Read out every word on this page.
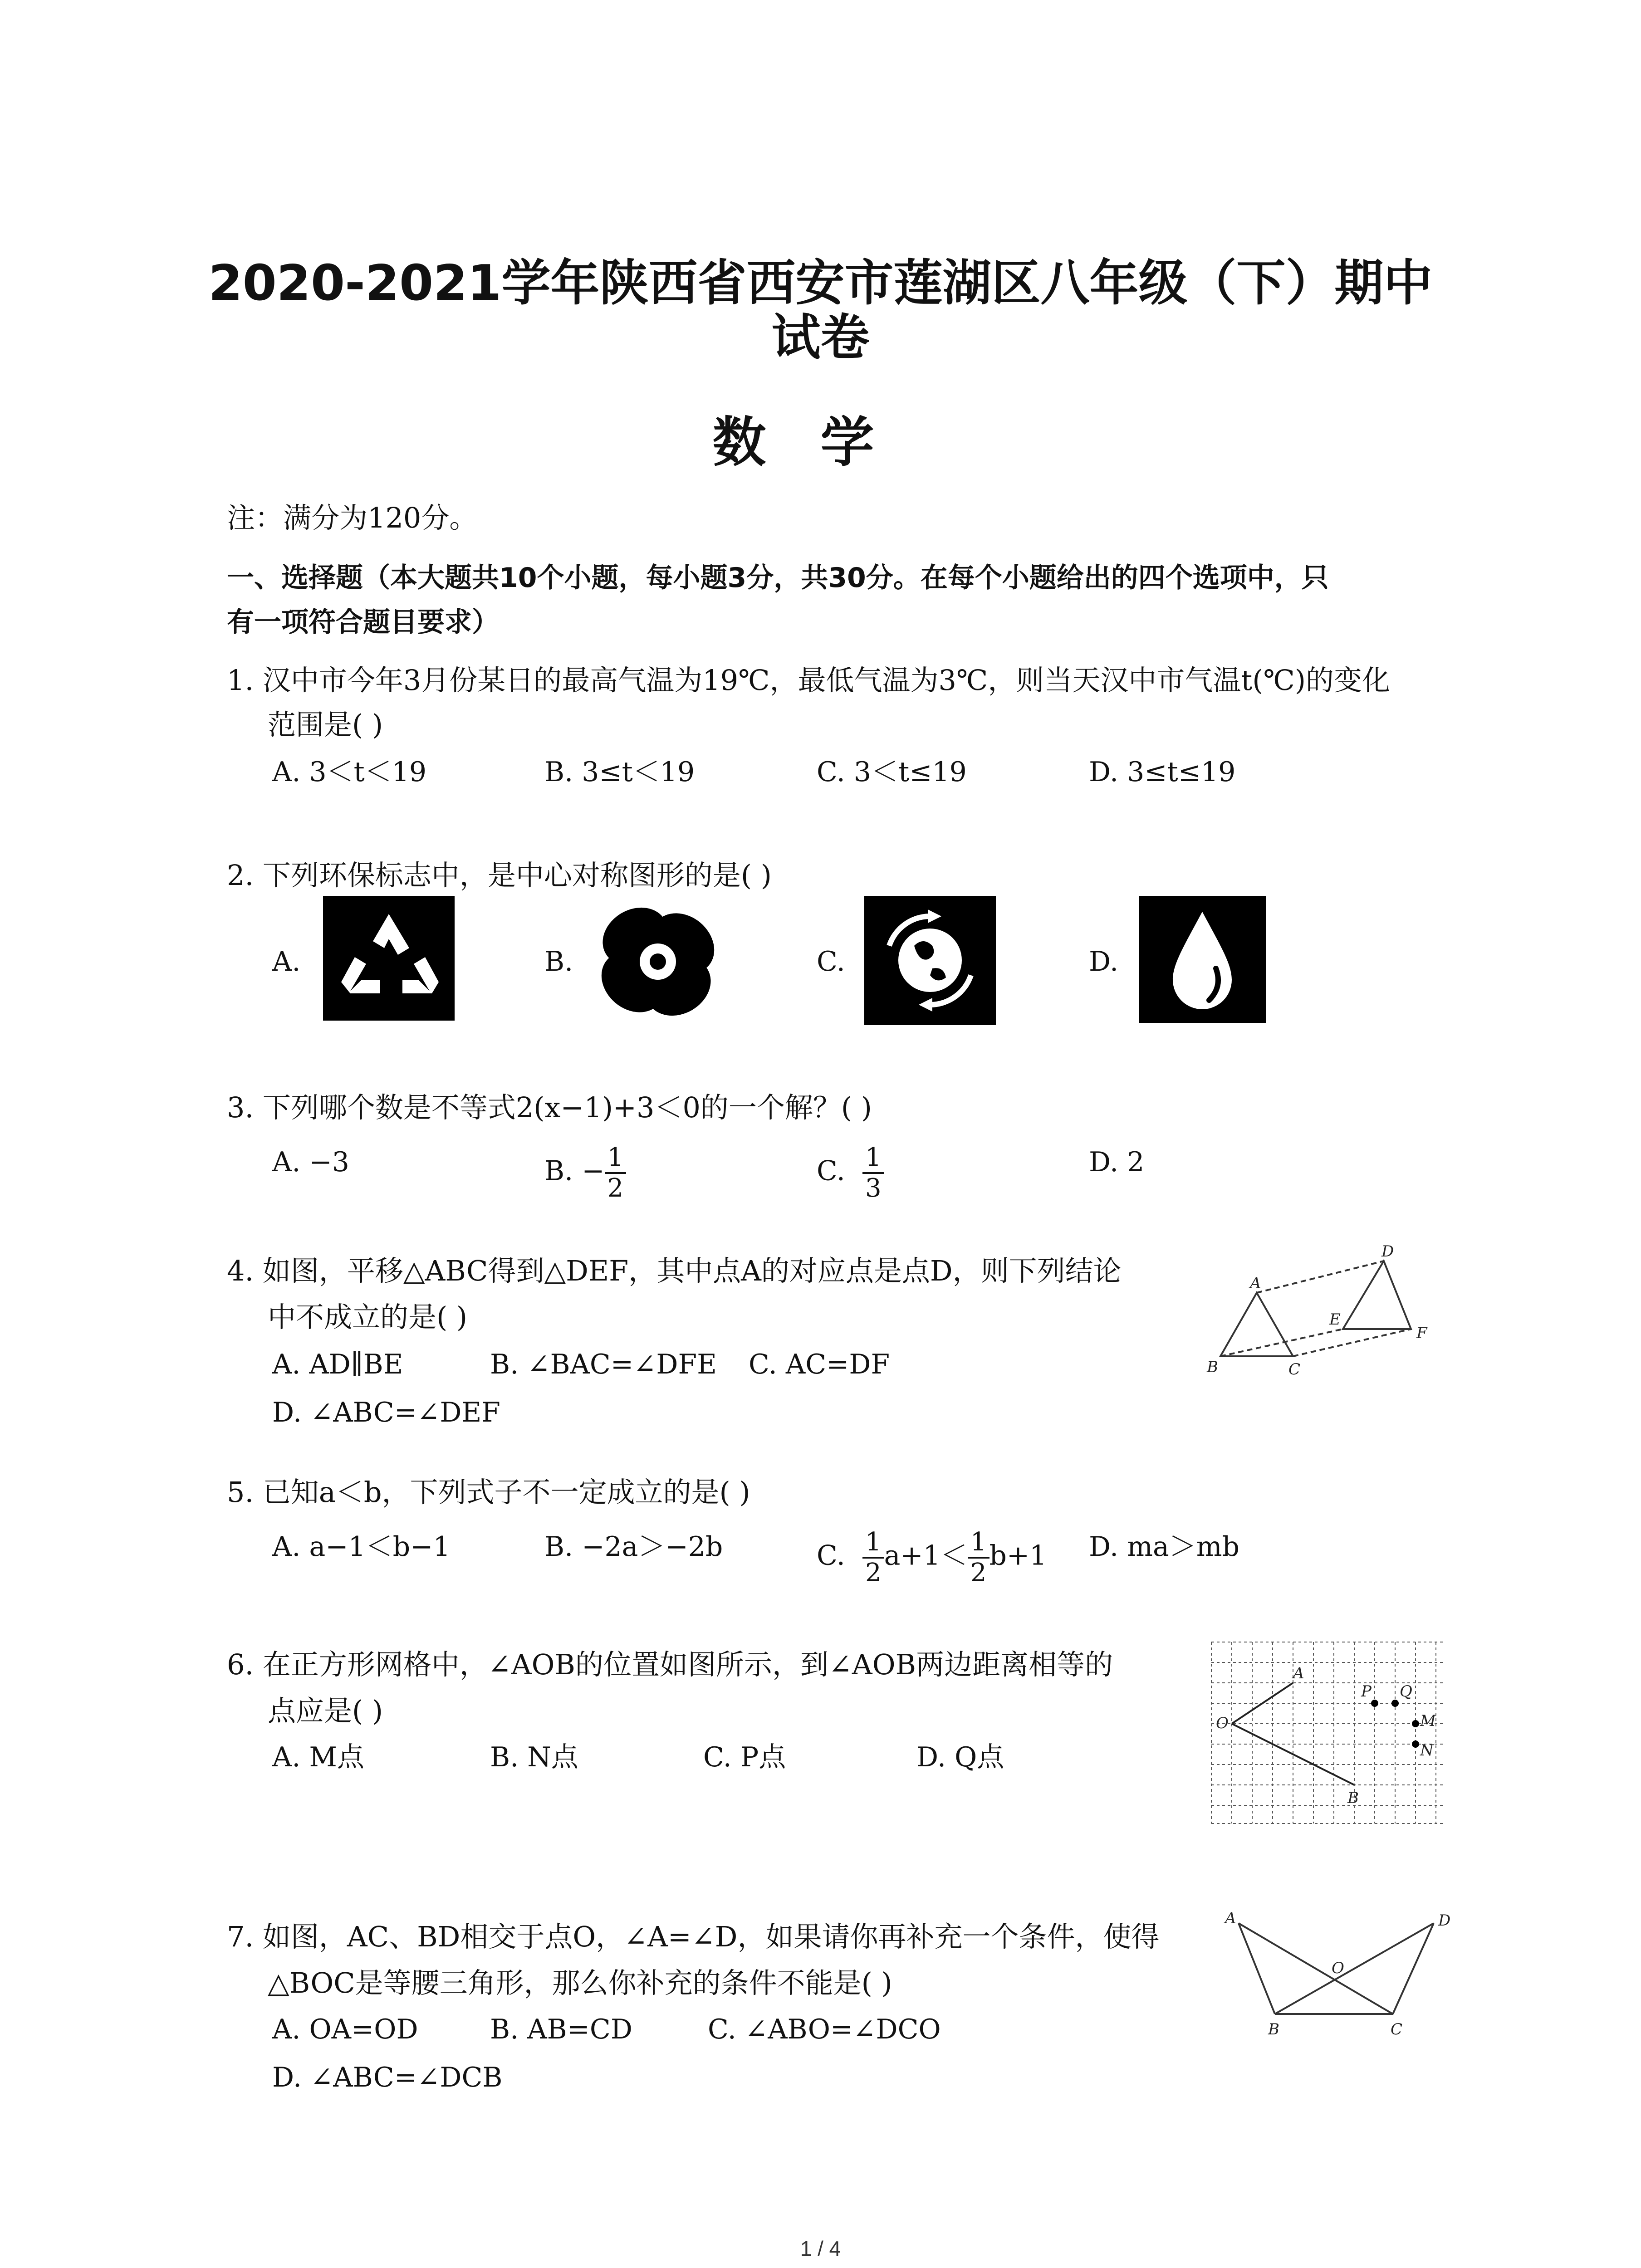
2020-2021学年陕西省西安市莲湖区八年级（下）期中
试卷
数学
注：满分为120分。
一、选择题（本大题共10个小题，每小题3分，共30分。在每个小题给出的四个选项中，只
有一项符合题目要求）
1. 汉中市今年3月份某日的最高气温为19℃，最低气温为3℃，则当天汉中市气温t(℃)的变化
范围是( )
A. 3＜t＜19	B. 3≤t＜19	C. 3＜t≤19	D. 3≤t≤19
2. 下列环保标志中，是中心对称图形的是( )
A.	B.	C.	D.
3. 下列哪个数是不等式2(x−1)+3＜0的一个解？( )
A. −3	B. − $\frac{1}{2}$	C. $\frac{1}{3}$	D. 2
4. 如图，平移△ABC得到△DEF，其中点A的对应点是点D，则下列结论
中不成立的是( )
A. AD∥BE	B. ∠BAC=∠DFE C. AC=DF
D. ∠ABC=∠DEF
A
B	C
D
E
F
5. 已知a＜b，下列式子不一定成立的是( )
A. a−1＜b−1	B. −2a＞−2b	C. $\frac{1}{2} a+1< \frac{1}{2} b+1$ D. ma＞mb
6. 在正方形网格中，∠AOB的位置如图所示，到∠AOB两边距离相等的
点应是( )
A. M点	B. N点	C. P点	D. Q点
A
O
B
P Q
M
N
7. 如图，AC、BD相交于点O，∠A=∠D，如果请你再补充一个条件，使得
△BOC是等腰三角形，那么你补充的条件不能是( )
A. OA=OD	B. AB=CD	C. ∠ABO=∠DCO
D. ∠ABC=∠DCB
A	D
O
B	C
1 / 4
